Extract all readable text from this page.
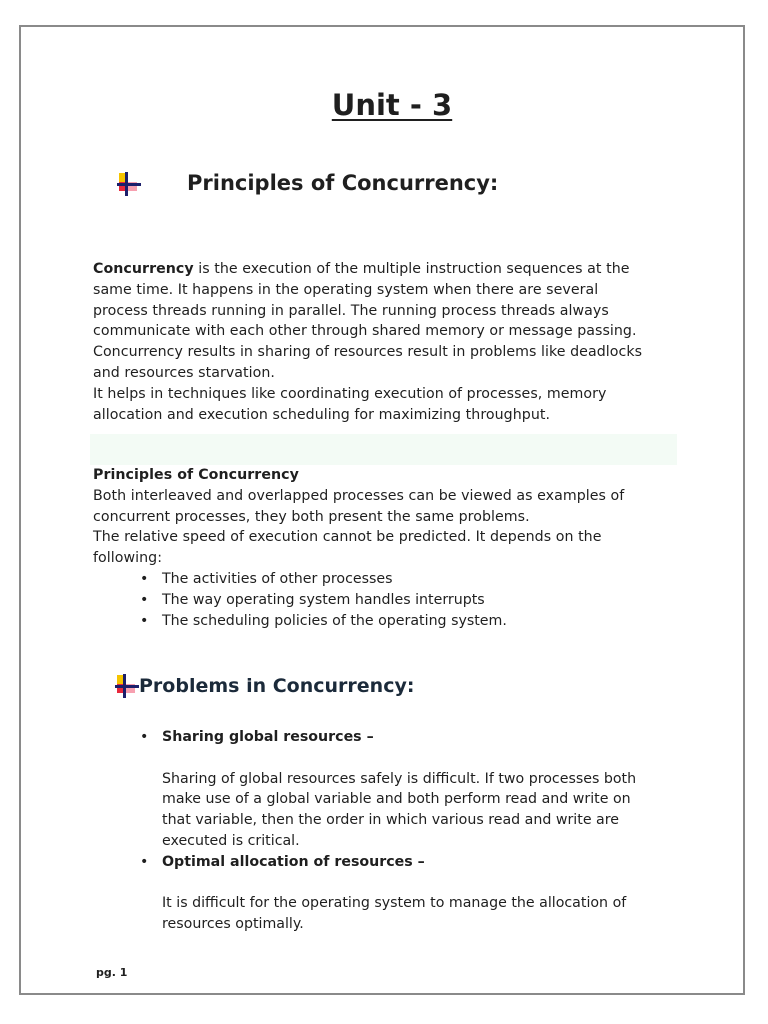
Unit - 3
Principles of Concurrency:
Concurrency is the execution of the multiple instruction sequences at the
same time. It happens in the operating system when there are several
process threads running in parallel. The running process threads always
communicate with each other through shared memory or message passing.
Concurrency results in sharing of resources result in problems like deadlocks
and resources starvation.
It helps in techniques like coordinating execution of processes, memory
allocation and execution scheduling for maximizing throughput.
Principles of Concurrency
Both interleaved and overlapped processes can be viewed as examples of
concurrent processes, they both present the same problems.
The relative speed of execution cannot be predicted. It depends on the
following:
• The activities of other processes
• The way operating system handles interrupts
• The scheduling policies of the operating system.
Problems in Concurrency:
• Sharing global resources –
Sharing of global resources safely is difficult. If two processes both
make use of a global variable and both perform read and write on
that variable, then the order in which various read and write are
executed is critical.
• Optimal allocation of resources –
It is difficult for the operating system to manage the allocation of
resources optimally.
pg. 1
